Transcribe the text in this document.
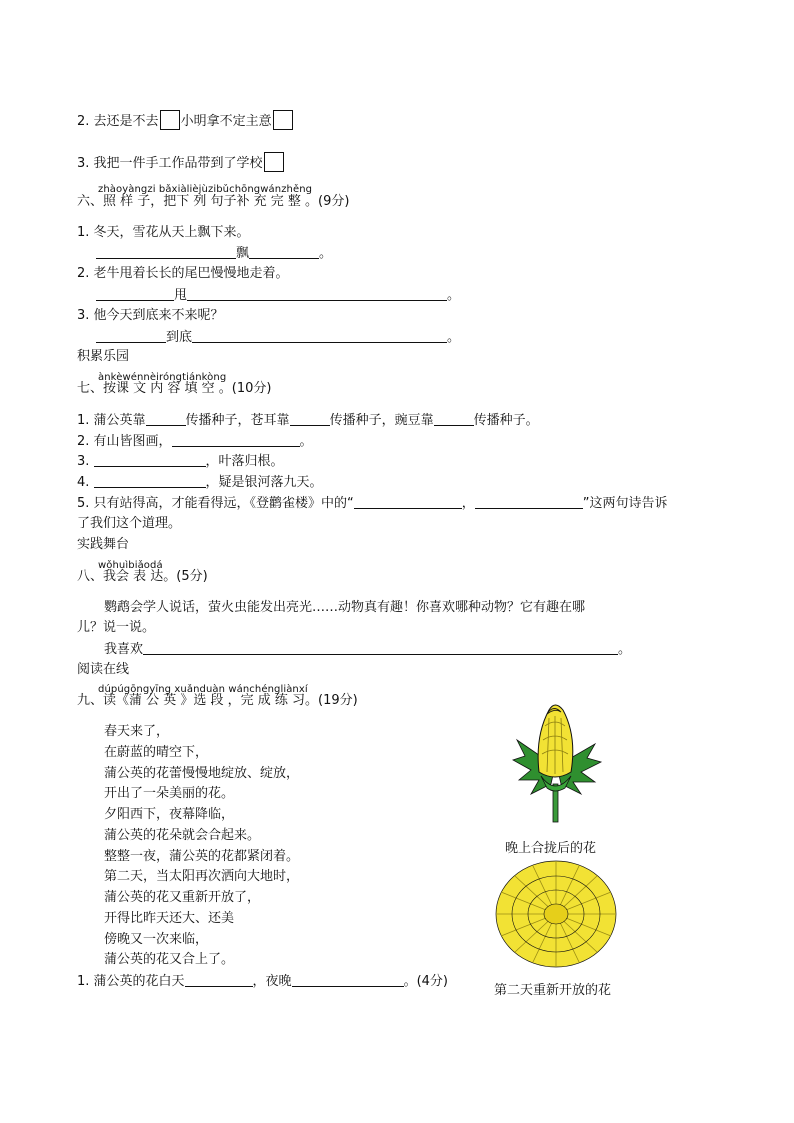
2. 去还是不去 小明拿不定主意
3. 我把一件手工作品带到了学校
zhàoyàngzi bǎxiàlièjùzibǔchōngwánzhěng
六、照 样 子，把下 列 句子补 充 完 整 。(9分)
1. 冬天，雪花从天上飘下来。
飘	。
2. 老牛甩着长长的尾巴慢慢地走着。
甩	。
3. 他今天到底来不来呢？
到底	。
积累乐园
ànkèwénnèiróngtiánkòng
七、按课 文 内 容 填 空 。(10分)
1. 蒲公英靠	传播种子，苍耳靠	传播种子，豌豆靠	传播种子。
2. 有山皆图画，	。
3.	，叶落归根。
4.	，疑是银河落九天。
5. 只有站得高，才能看得远，《登鹳雀楼》中的“	，	”这两句诗告诉
了我们这个道理。
实践舞台
wǒhuìbiǎodá
八、我会 表 达。(5分)
鹦鹉会学人说话，萤火虫能发出亮光……动物真有趣！你喜欢哪种动物？它有趣在哪
儿？说一说。
我喜欢	。
阅读在线
dúpúgōngyīng xuǎnduàn wánchéngliànxí
九、读《蒲 公 英 》选 段 ，完 成 练 习。(19分)
春天来了，
在蔚蓝的晴空下，
蒲公英的花蕾慢慢地绽放、绽放，
开出了一朵美丽的花。
夕阳西下，夜幕降临，
蒲公英的花朵就会合起来。
整整一夜，蒲公英的花都紧闭着。
第二天，当太阳再次洒向大地时，
蒲公英的花又重新开放了，
开得比昨天还大、还美
傍晚又一次来临，
蒲公英的花又合上了。
1. 蒲公英的花白天	，夜晚	。(4分)
晚上合拢后的花
第二天重新开放的花
